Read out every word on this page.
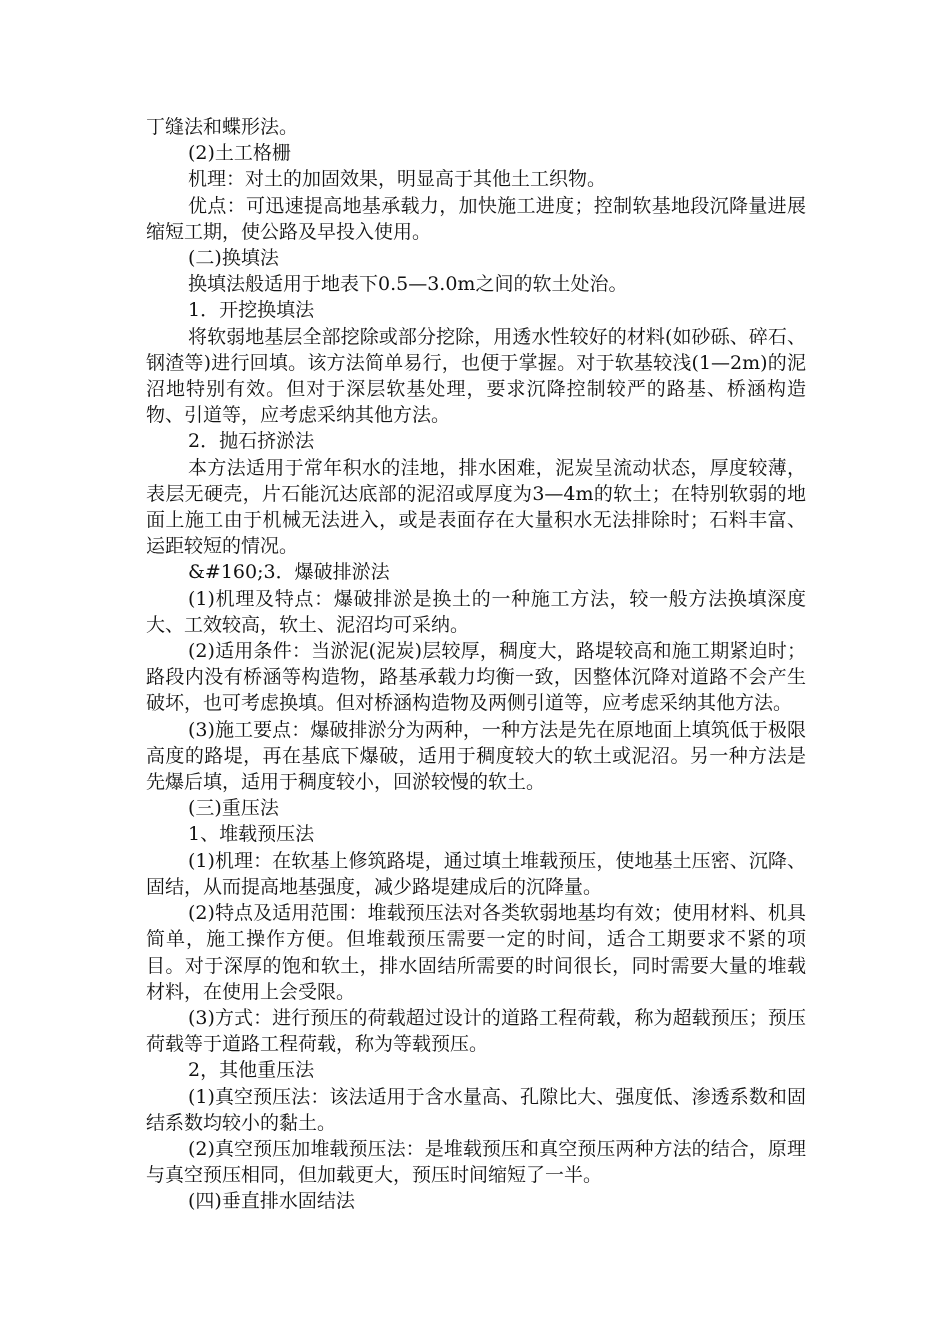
丁缝法和蝶形法。

(2)土工格栅

机理：对土的加固效果，明显高于其他土工织物。

优点：可迅速提高地基承载力，加快施工进度；控制软基地段沉降量进展缩短工期，使公路及早投入使用。

(二)换填法

换填法般适用于地表下0.5—3.0m之间的软土处治。

1．开挖换填法

将软弱地基层全部挖除或部分挖除，用透水性较好的材料(如砂砾、碎石、钢渣等)进行回填。该方法简单易行，也便于掌握。对于软基较浅(1—2m)的泥沼地特别有效。但对于深层软基处理，要求沉降控制较严的路基、桥涵构造物、引道等，应考虑采纳其他方法。

2．抛石挤淤法

本方法适用于常年积水的洼地，排水困难，泥炭呈流动状态，厚度较薄，表层无硬壳，片石能沉达底部的泥沼或厚度为3—4m的软土；在特别软弱的地面上施工由于机械无法进入，或是表面存在大量积水无法排除时；石料丰富、运距较短的情况。

&#160;3．爆破排淤法

(1)机理及特点：爆破排淤是换土的一种施工方法，较一般方法换填深度大、工效较高，软土、泥沼均可采纳。

(2)适用条件：当淤泥(泥炭)层较厚，稠度大，路堤较高和施工期紧迫时；路段内没有桥涵等构造物，路基承载力均衡一致，因整体沉降对道路不会产生破坏，也可考虑换填。但对桥涵构造物及两侧引道等，应考虑采纳其他方法。

(3)施工要点：爆破排淤分为两种，一种方法是先在原地面上填筑低于极限高度的路堤，再在基底下爆破，适用于稠度较大的软土或泥沼。另一种方法是先爆后填，适用于稠度较小，回淤较慢的软土。

(三)重压法

1、堆载预压法

(1)机理：在软基上修筑路堤，通过填土堆载预压，使地基土压密、沉降、固结，从而提高地基强度，减少路堤建成后的沉降量。

(2)特点及适用范围：堆载预压法对各类软弱地基均有效；使用材料、机具简单，施工操作方便。但堆载预压需要一定的时间，适合工期要求不紧的项目。对于深厚的饱和软土，排水固结所需要的时间很长，同时需要大量的堆载材料，在使用上会受限。

(3)方式：进行预压的荷载超过设计的道路工程荷载，称为超载预压；预压荷载等于道路工程荷载，称为等载预压。

2，其他重压法

(1)真空预压法：该法适用于含水量高、孔隙比大、强度低、渗透系数和固结系数均较小的黏土。

(2)真空预压加堆载预压法：是堆载预压和真空预压两种方法的结合，原理与真空预压相同，但加载更大，预压时间缩短了一半。

(四)垂直排水固结法
